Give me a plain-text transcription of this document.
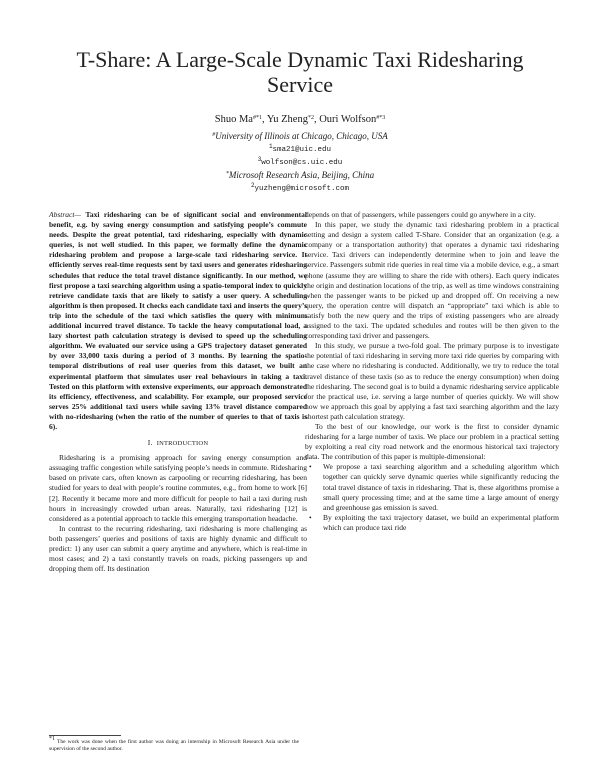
T-Share: A Large-Scale Dynamic Taxi Ridesharing
Service
Shuo Ma$^{\#*1}$, Yu Zheng$^{*2}$, Ouri Wolfson$^{\#*3}$
#University of Illinois at Chicago, Chicago, USA
$^1$sma21@uic.edu
$^3$wolfson@cs.uic.edu
*Microsoft Research Asia, Beijing, China
$^2$yuzheng@microsoft.com

Abstract— Taxi ridesharing can be of significant social and environmental benefit, e.g. by saving energy consumption and satisfying people’s commute needs. Despite the great potential, taxi ridesharing, especially with dynamic queries, is not well studied. In this paper, we formally define the dynamic ridesharing problem and propose a large-scale taxi ridesharing service. It efficiently serves real-time requests sent by taxi users and generates ridesharing schedules that reduce the total travel distance significantly. In our method, we first propose a taxi searching algorithm using a spatio-temporal index to quickly retrieve candidate taxis that are likely to satisfy a user query. A scheduling algorithm is then proposed. It checks each candidate taxi and inserts the query’s trip into the schedule of the taxi which satisfies the query with minimum additional incurred travel distance. To tackle the heavy computational load, a lazy shortest path calculation strategy is devised to speed up the scheduling algorithm. We evaluated our service using a GPS trajectory dataset generated by over 33,000 taxis during a period of 3 months. By learning the spatio-temporal distributions of real user queries from this dataset, we built an experimental platform that simulates user real behaviours in taking a taxi. Tested on this platform with extensive experiments, our approach demonstrated its efficiency, effectiveness, and scalability. For example, our proposed service serves 25% additional taxi users while saving 13% travel distance compared with no-ridesharing (when the ratio of the number of queries to that of taxis is 6).

I. INTRODUCTION

Ridesharing is a promising approach for saving energy consumption and assuaging traffic congestion while satisfying people’s needs in commute. Ridesharing based on private cars, often known as carpooling or recurring ridesharing, has been studied for years to deal with people’s routine commutes, e.g., from home to work [6][2]. Recently it became more and more difficult for people to hail a taxi during rush hours in increasingly crowded urban areas. Naturally, taxi ridesharing [12] is considered as a potential approach to tackle this emerging transportation headache.

In contrast to the recurring ridesharing, taxi ridesharing is more challenging as both passengers’ queries and positions of taxis are highly dynamic and difficult to predict: 1) any user can submit a query anytime and anywhere, which is real-time in most cases; and 2) a taxi constantly travels on roads, picking passengers up and dropping them off. Its destination

depends on that of passengers, while passengers could go anywhere in a city.

In this paper, we study the dynamic taxi ridesharing problem in a practical setting and design a system called T-Share. Consider that an organization (e.g. a company or a transportation authority) that operates a dynamic taxi ridesharing service. Taxi drivers can independently determine when to join and leave the service. Passengers submit ride queries in real time via a mobile device, e.g., a smart phone (assume they are willing to share the ride with others). Each query indicates the origin and destination locations of the trip, as well as time windows constraining when the passenger wants to be picked up and dropped off. On receiving a new query, the operation centre will dispatch an “appropriate” taxi which is able to satisfy both the new query and the trips of existing passengers who are already assigned to the taxi. The updated schedules and routes will be then given to the corresponding taxi driver and passengers.

In this study, we pursue a two-fold goal. The primary purpose is to investigate the potential of taxi ridesharing in serving more taxi ride queries by comparing with the case where no ridesharing is conducted. Additionally, we try to reduce the total travel distance of these taxis (so as to reduce the energy consumption) when doing the ridesharing. The second goal is to build a dynamic ridesharing service applicable for the practical use, i.e. serving a large number of queries quickly. We will show how we approach this goal by applying a fast taxi searching algorithm and the lazy shortest path calculation strategy.

To the best of our knowledge, our work is the first to consider dynamic ridesharing for a large number of taxis. We place our problem in a practical setting by exploiting a real city road network and the enormous historical taxi trajectory data. The contribution of this paper is multiple-dimensional:

• We propose a taxi searching algorithm and a scheduling algorithm which together can quickly serve dynamic queries while significantly reducing the total travel distance of taxis in ridesharing. That is, these algorithms promise a small query processing time; and at the same time a large amount of energy and greenhouse gas emission is saved.
• By exploiting the taxi trajectory dataset, we build an experimental platform which can produce taxi ride
$^{*1}$ The work was done when the first author was doing an internship in Microsoft Research Asia under the supervision of the second author.
